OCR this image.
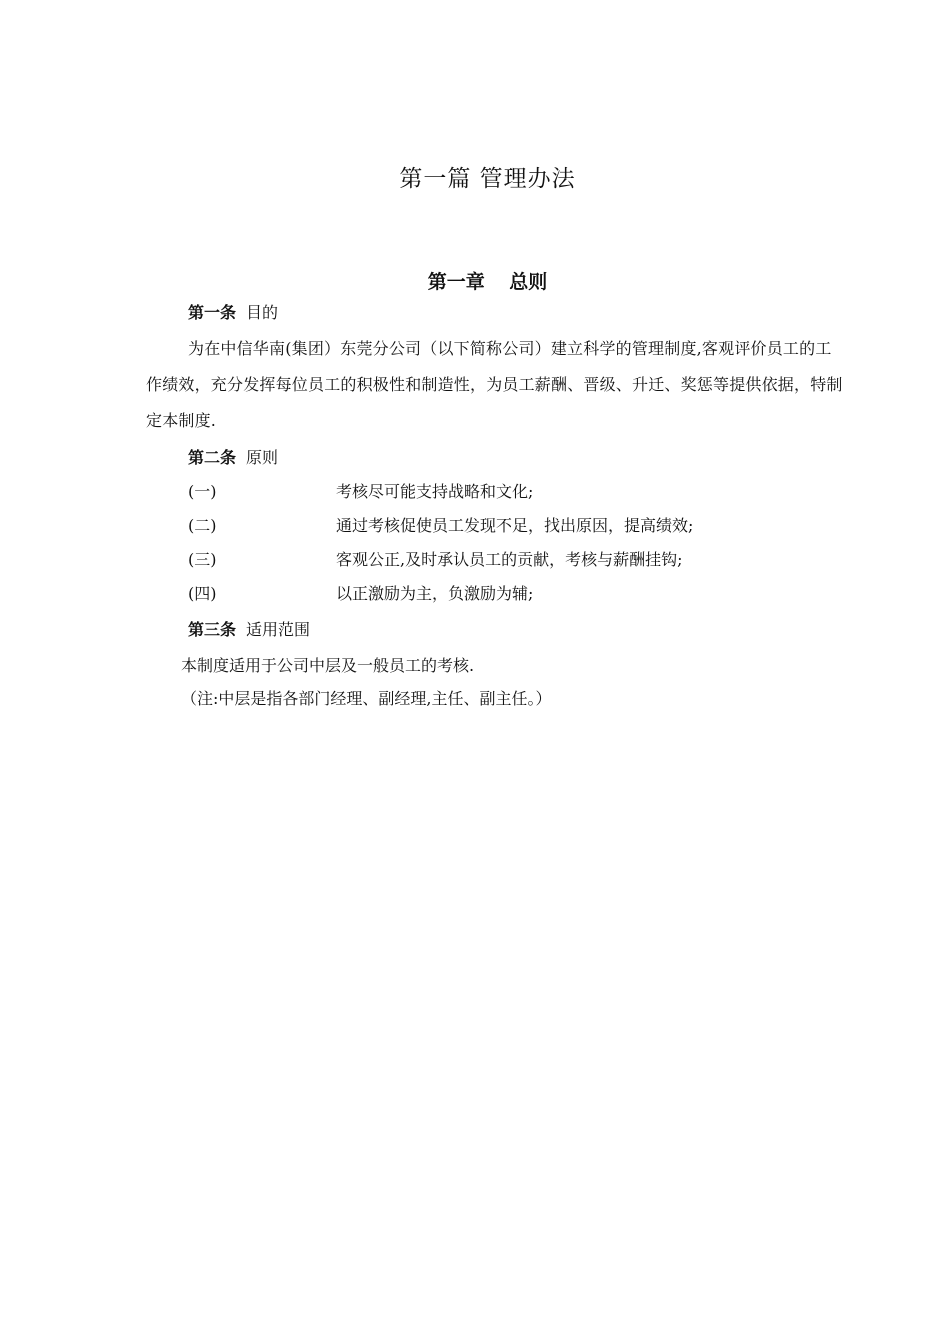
第一篇 管理办法
第一章 总则
第一条 目的
为在中信华南(集团）东莞分公司（以下简称公司）建立科学的管理制度,客观评价员工的工作绩效，充分发挥每位员工的积极性和制造性，为员工薪酬、晋级、升迁、奖惩等提供依据，特制定本制度.
第二条 原则
(一)	考核尽可能支持战略和文化;
(二)	通过考核促使员工发现不足，找出原因，提高绩效;
(三)	客观公正,及时承认员工的贡献，考核与薪酬挂钩;
(四)	以正激励为主，负激励为辅;
第三条 适用范围
本制度适用于公司中层及一般员工的考核.
（注:中层是指各部门经理、副经理,主任、副主任。）
